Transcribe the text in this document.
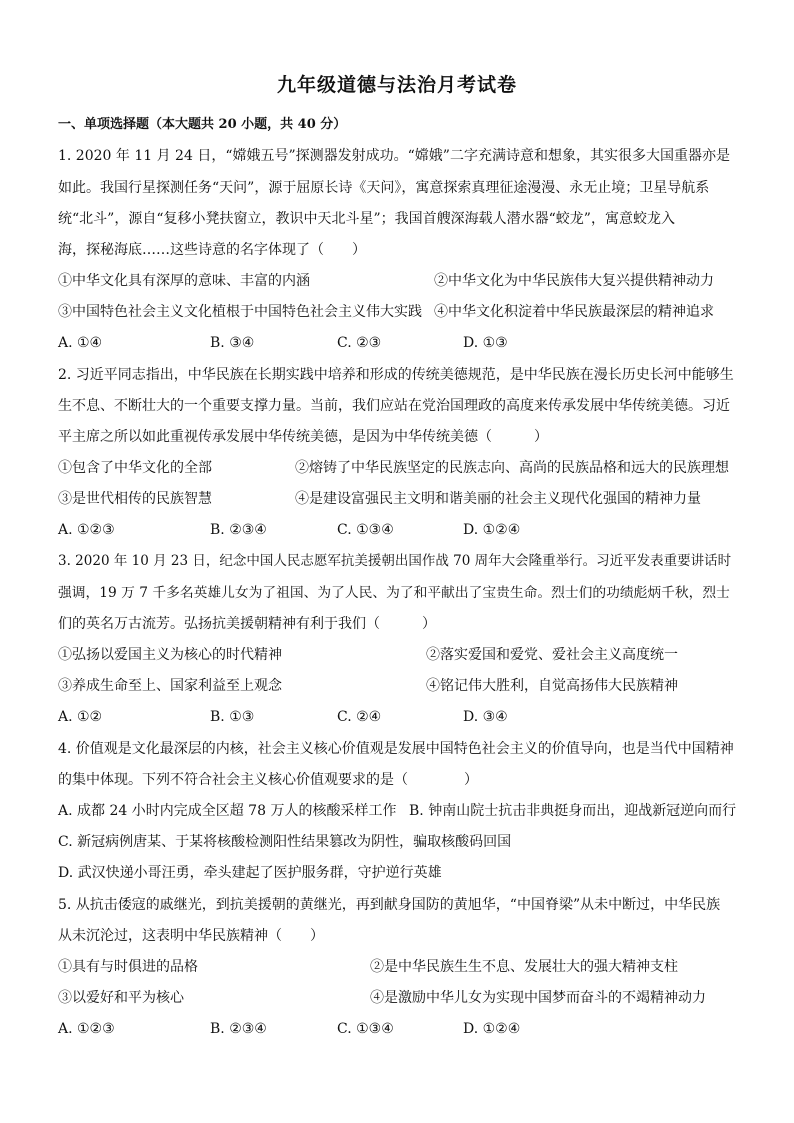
九年级道德与法治月考试卷
一、单项选择题（本大题共 20 小题，共 40 分）
1. 2020 年 11 月 24 日，“嫦娥五号”探测器发射成功。“嫦娥”二字充满诗意和想象，其实很多大国重器亦是
如此。我国行星探测任务“天问”，源于屈原长诗《天问》，寓意探索真理征途漫漫、永无止境；卫星导航系
统“北斗”，源自“复移小凳扶窗立，教识中天北斗星”；我国首艘深海载人潜水器“蛟龙”，寓意蛟龙入
海，探秘海底……这些诗意的名字体现了（　　）
①中华文化具有深厚的意味、丰富的内涵	②中华文化为中华民族伟大复兴提供精神动力
③中国特色社会主义文化植根于中国特色社会主义伟大实践 ④中华文化积淀着中华民族最深层的精神追求
A. ①④	B. ③④	C. ②③	D. ①③
2. 习近平同志指出，中华民族在长期实践中培养和形成的传统美德规范，是中华民族在漫长历史长河中能够生
生不息、不断壮大的一个重要支撑力量。当前，我们应站在党治国理政的高度来传承发展中华传统美德。习近
平主席之所以如此重视传承发展中华传统美德，是因为中华传统美德（　　　）
①包含了中华文化的全部	②熔铸了中华民族坚定的民族志向、高尚的民族品格和远大的民族理想
③是世代相传的民族智慧	④是建设富强民主文明和谐美丽的社会主义现代化强国的精神力量
A. ①②③	B. ②③④	C. ①③④	D. ①②④
3. 2020 年 10 月 23 日，纪念中国人民志愿军抗美援朝出国作战 70 周年大会隆重举行。习近平发表重要讲话时
强调，19 万 7 千多名英雄儿女为了祖国、为了人民、为了和平献出了宝贵生命。烈士们的功绩彪炳千秋，烈士
们的英名万古流芳。弘扬抗美援朝精神有利于我们（　　　）
①弘扬以爱国主义为核心的时代精神	②落实爱国和爱党、爱社会主义高度统一
③养成生命至上、国家利益至上观念	④铭记伟大胜利，自觉高扬伟大民族精神
A. ①②	B. ①③	C. ②④	D. ③④
4. 价值观是文化最深层的内核，社会主义核心价值观是发展中国特色社会主义的价值导向，也是当代中国精神
的集中体现。下列不符合社会主义核心价值观要求的是（　　　　）
A. 成都 24 小时内完成全区超 78 万人的核酸采样工作 B. 钟南山院士抗击非典挺身而出，迎战新冠逆向而行
C. 新冠病例唐某、于某将核酸检测阳性结果篡改为阴性，骗取核酸码回国
D. 武汉快递小哥汪勇，牵头建起了医护服务群，守护逆行英雄
5. 从抗击倭寇的戚继光，到抗美援朝的黄继光，再到献身国防的黄旭华，“中国脊梁”从未中断过，中华民族
从未沉沦过，这表明中华民族精神（　　）
①具有与时俱进的品格	②是中华民族生生不息、发展壮大的强大精神支柱
③以爱好和平为核心	④是激励中华儿女为实现中国梦而奋斗的不竭精神动力
A. ①②③	B. ②③④	C. ①③④	D. ①②④
